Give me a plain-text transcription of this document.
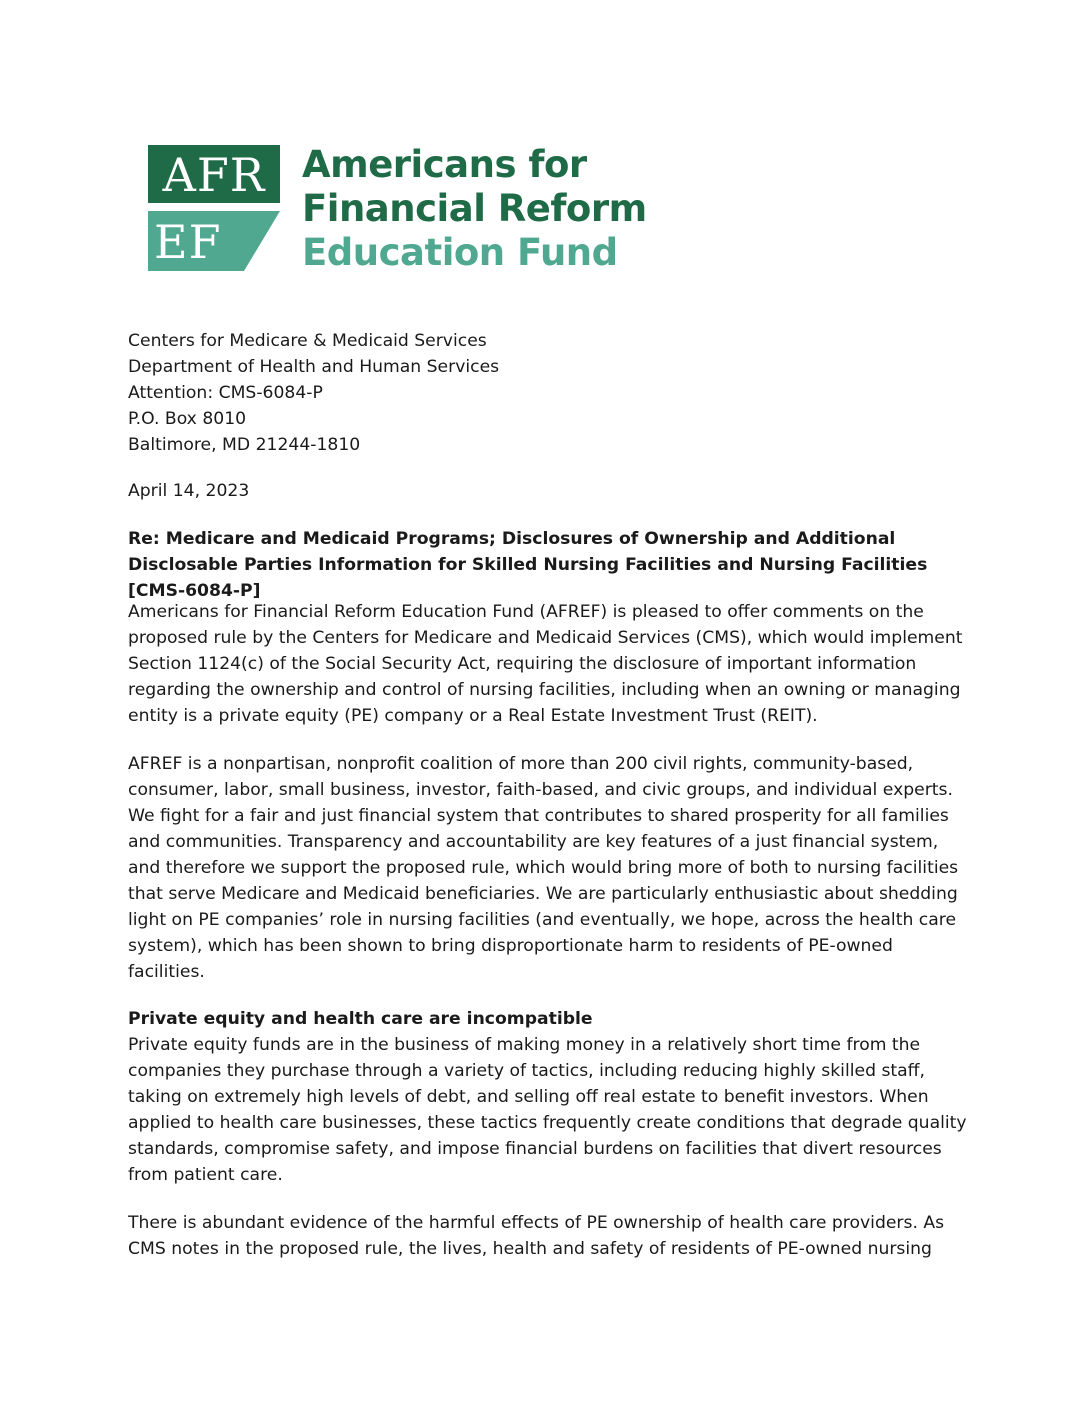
AFR
EF
Americans for
Financial Reform
Education Fund
Centers for Medicare & Medicaid Services
Department of Health and Human Services
Attention: CMS-6084-P
P.O. Box 8010
Baltimore, MD 21244-1810
April 14, 2023
Re: Medicare and Medicaid Programs; Disclosures of Ownership and Additional Disclosable Parties Information for Skilled Nursing Facilities and Nursing Facilities [CMS-6084-P]
Americans for Financial Reform Education Fund (AFREF) is pleased to offer comments on the proposed rule by the Centers for Medicare and Medicaid Services (CMS), which would implement Section 1124(c) of the Social Security Act, requiring the disclosure of important information regarding the ownership and control of nursing facilities, including when an owning or managing entity is a private equity (PE) company or a Real Estate Investment Trust (REIT).
AFREF is a nonpartisan, nonprofit coalition of more than 200 civil rights, community-based, consumer, labor, small business, investor, faith-based, and civic groups, and individual experts. We fight for a fair and just financial system that contributes to shared prosperity for all families and communities. Transparency and accountability are key features of a just financial system, and therefore we support the proposed rule, which would bring more of both to nursing facilities that serve Medicare and Medicaid beneficiaries. We are particularly enthusiastic about shedding light on PE companies’ role in nursing facilities (and eventually, we hope, across the health care system), which has been shown to bring disproportionate harm to residents of PE-owned facilities.
Private equity and health care are incompatible
Private equity funds are in the business of making money in a relatively short time from the companies they purchase through a variety of tactics, including reducing highly skilled staff, taking on extremely high levels of debt, and selling off real estate to benefit investors. When applied to health care businesses, these tactics frequently create conditions that degrade quality standards, compromise safety, and impose financial burdens on facilities that divert resources from patient care.
There is abundant evidence of the harmful effects of PE ownership of health care providers. As CMS notes in the proposed rule, the lives, health and safety of residents of PE-owned nursing
